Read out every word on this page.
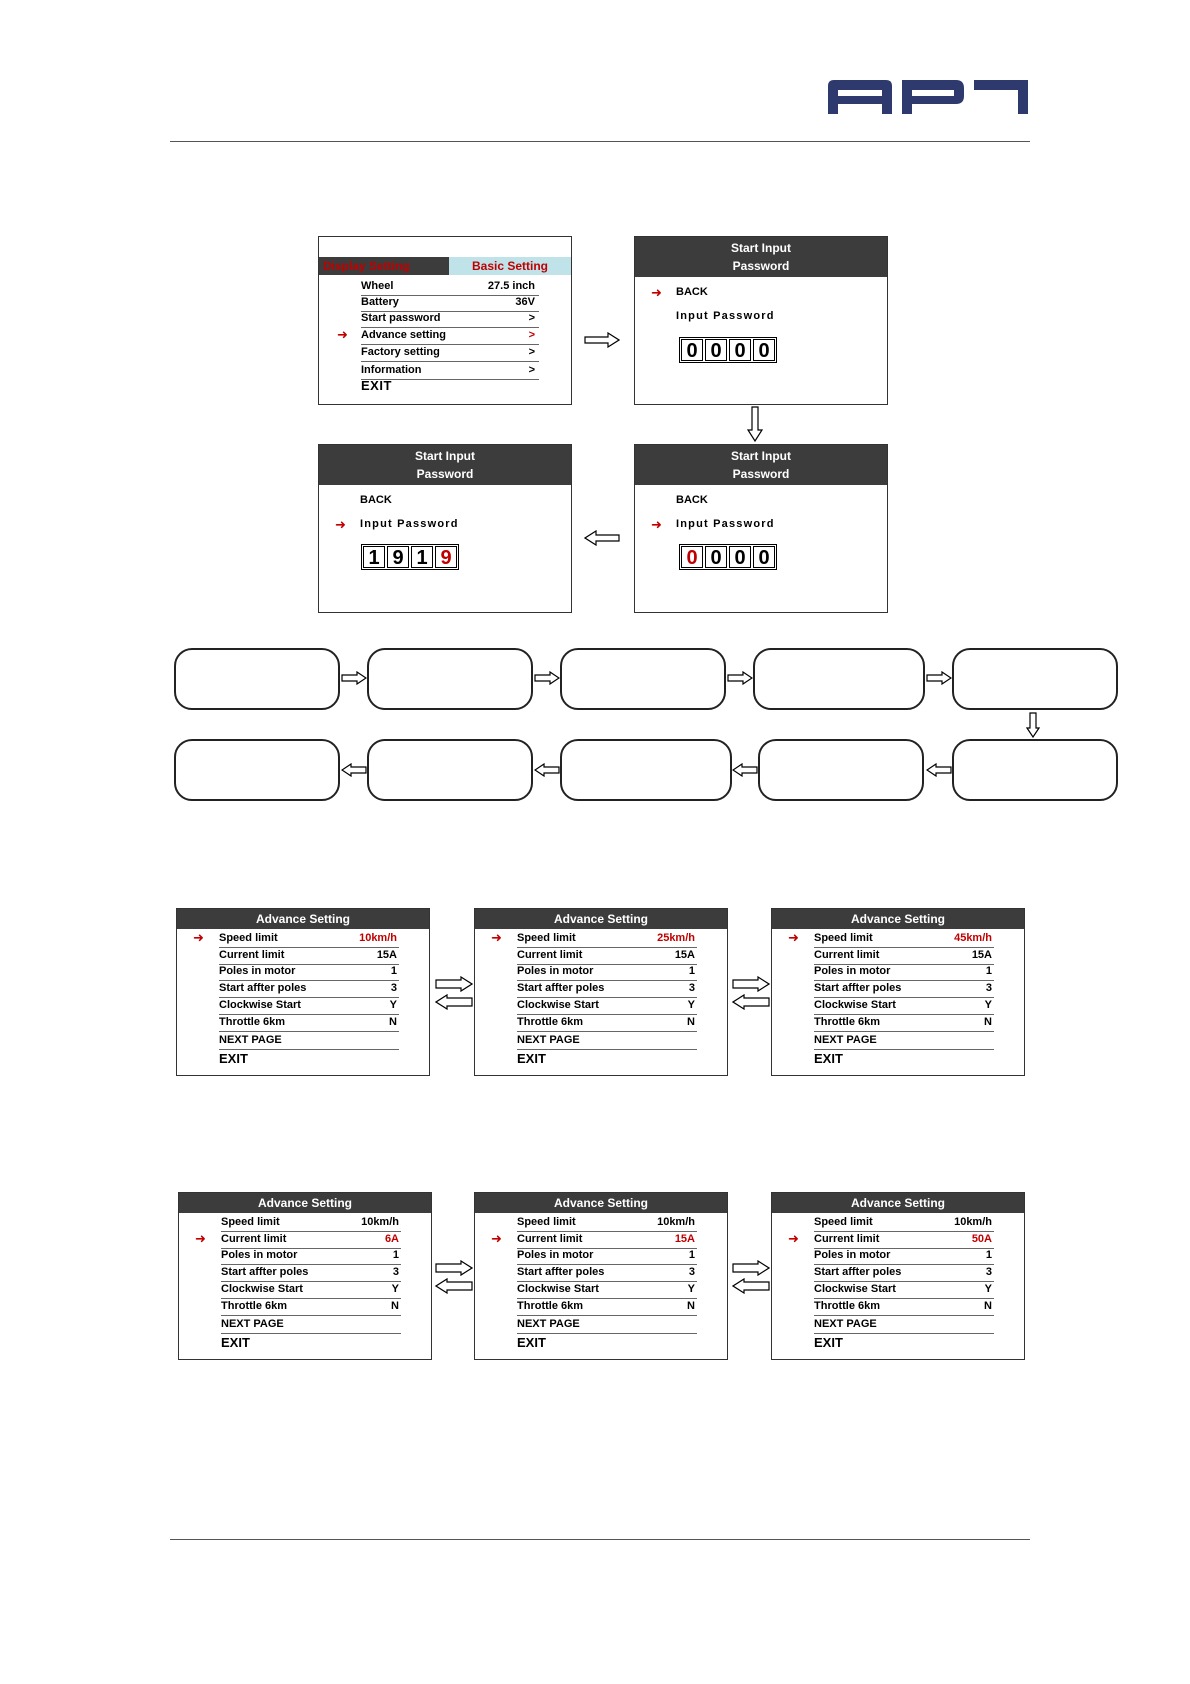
Display Setting	Basic Setting
➜
Wheel	27.5 inch
Battery	36V
Start password	>
Advance setting	>
Factory setting	>
Information	>
EXIT
Start Input
Password
➜ BACK
Input Password
0 0 0 0
Start Input
Password
BACK
➜ Input Password
0 0 0 0
Start Input
Password
BACK
➜ Input Password
1 9 1 9
Advance Setting
➜ Speed limit	10km/h
Current limit	15A
Poles in motor	1
Start affter poles	3
Clockwise Start	Y
Throttle 6km	N
NEXT PAGE
EXIT
Advance Setting
➜ Speed limit	25km/h
Current limit	15A
Poles in motor	1
Start affter poles	3
Clockwise Start	Y
Throttle 6km	N
NEXT PAGE
EXIT
Advance Setting
➜ Speed limit	45km/h
Current limit	15A
Poles in motor	1
Start affter poles	3
Clockwise Start	Y
Throttle 6km	N
NEXT PAGE
EXIT
Advance Setting
➜
Speed limit	10km/h
Current limit	6A
Poles in motor	1
Start affter poles	3
Clockwise Start	Y
Throttle 6km	N
NEXT PAGE
EXIT
Advance Setting
➜
Speed limit	10km/h
Current limit	15A
Poles in motor	1
Start affter poles	3
Clockwise Start	Y
Throttle 6km	N
NEXT PAGE
EXIT
Advance Setting
➜
Speed limit	10km/h
Current limit	50A
Poles in motor	1
Start affter poles	3
Clockwise Start	Y
Throttle 6km	N
NEXT PAGE
EXIT
